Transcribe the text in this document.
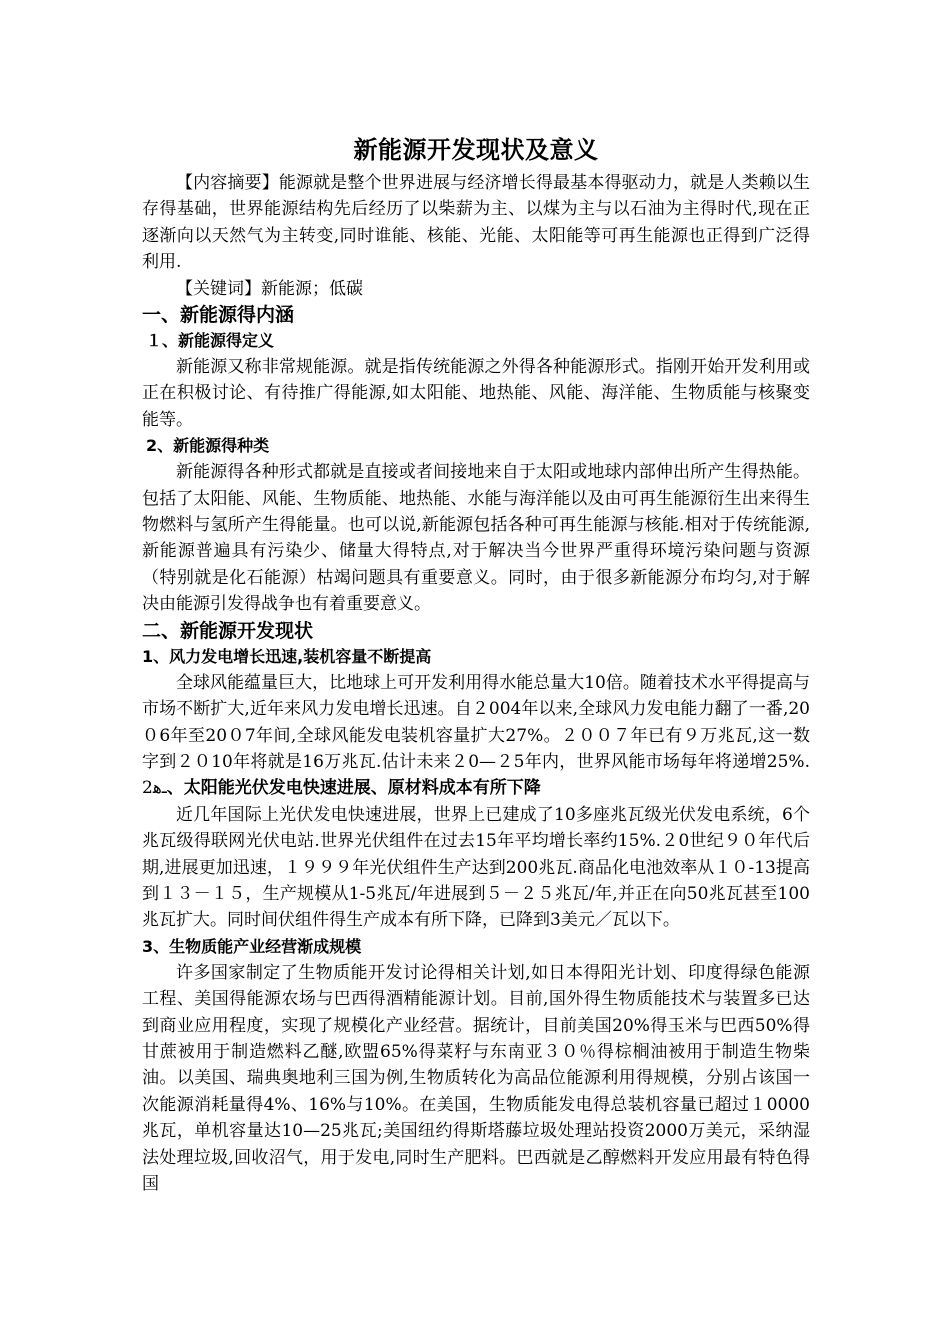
新能源开发现状及意义

【内容摘要】能源就是整个世界进展与经济增长得最基本得驱动力，就是人类赖以生存得基础，世界能源结构先后经历了以柴薪为主、以煤为主与以石油为主得时代,现在正逐渐向以天然气为主转变,同时谁能、核能、光能、太阳能等可再生能源也正得到广泛得利用.

【关键词】新能源；低碳

一、新能源得内涵
１、新能源得定义

新能源又称非常规能源。就是指传统能源之外得各种能源形式。指刚开始开发利用或正在积极讨论、有待推广得能源,如太阳能、地热能、风能、海洋能、生物质能与核聚变能等。

2、新能源得种类

新能源得各种形式都就是直接或者间接地来自于太阳或地球内部伸出所产生得热能。包括了太阳能、风能、生物质能、地热能、水能与海洋能以及由可再生能源衍生出来得生物燃料与氢所产生得能量。也可以说,新能源包括各种可再生能源与核能.相对于传统能源,新能源普遍具有污染少、储量大得特点,对于解决当今世界严重得环境污染问题与资源（特别就是化石能源）枯竭问题具有重要意义。同时，由于很多新能源分布均匀,对于解决由能源引发得战争也有着重要意义。

二、新能源开发现状
1、风力发电增长迅速,装机容量不断提高

全球风能蕴量巨大，比地球上可开发利用得水能总量大10倍。随着技术水平得提高与市场不断扩大,近年来风力发电增长迅速。自２004年以来,全球风力发电能力翻了一番,20０6年至20０7年间,全球风能发电装机容量扩大27%。２００７年已有９万兆瓦,这一数字到２０10年将就是16万兆瓦.估计未来２0—２5年内，世界风能市场每年将递增25%. 2ـﻫ、太阳能光伏发电快速进展、原材料成本有所下降

近几年国际上光伏发电快速进展，世界上已建成了10多座兆瓦级光伏发电系统，6个兆瓦级得联网光伏电站.世界光伏组件在过去15年平均增长率约15%.２0世纪９０年代后期,进展更加迅速，１９９９年光伏组件生产达到200兆瓦.商品化电池效率从１０-13提高到１３－１５，生产规模从1-5兆瓦/年进展到５－２５兆瓦/年,并正在向50兆瓦甚至100兆瓦扩大。同时间伏组件得生产成本有所下降，已降到3美元／瓦以下。

3、生物质能产业经营渐成规模

许多国家制定了生物质能开发讨论得相关计划,如日本得阳光计划、印度得绿色能源工程、美国得能源农场与巴西得酒精能源计划。目前,国外得生物质能技术与装置多已达到商业应用程度，实现了规模化产业经营。据统计，目前美国20%得玉米与巴西50%得甘蔗被用于制造燃料乙醚,欧盟65%得菜籽与东南亚３０％得棕榈油被用于制造生物柴油。以美国、瑞典奥地利三国为例,生物质转化为高品位能源利用得规模，分别占该国一次能源消耗量得4%、16%与10%。在美国，生物质能发电得总装机容量已超过１0000兆瓦，单机容量达10—25兆瓦;美国纽约得斯塔藤垃圾处理站投资2000万美元，采纳湿法处理垃圾,回收沼气，用于发电,同时生产肥料。巴西就是乙醇燃料开发应用最有特色得国
